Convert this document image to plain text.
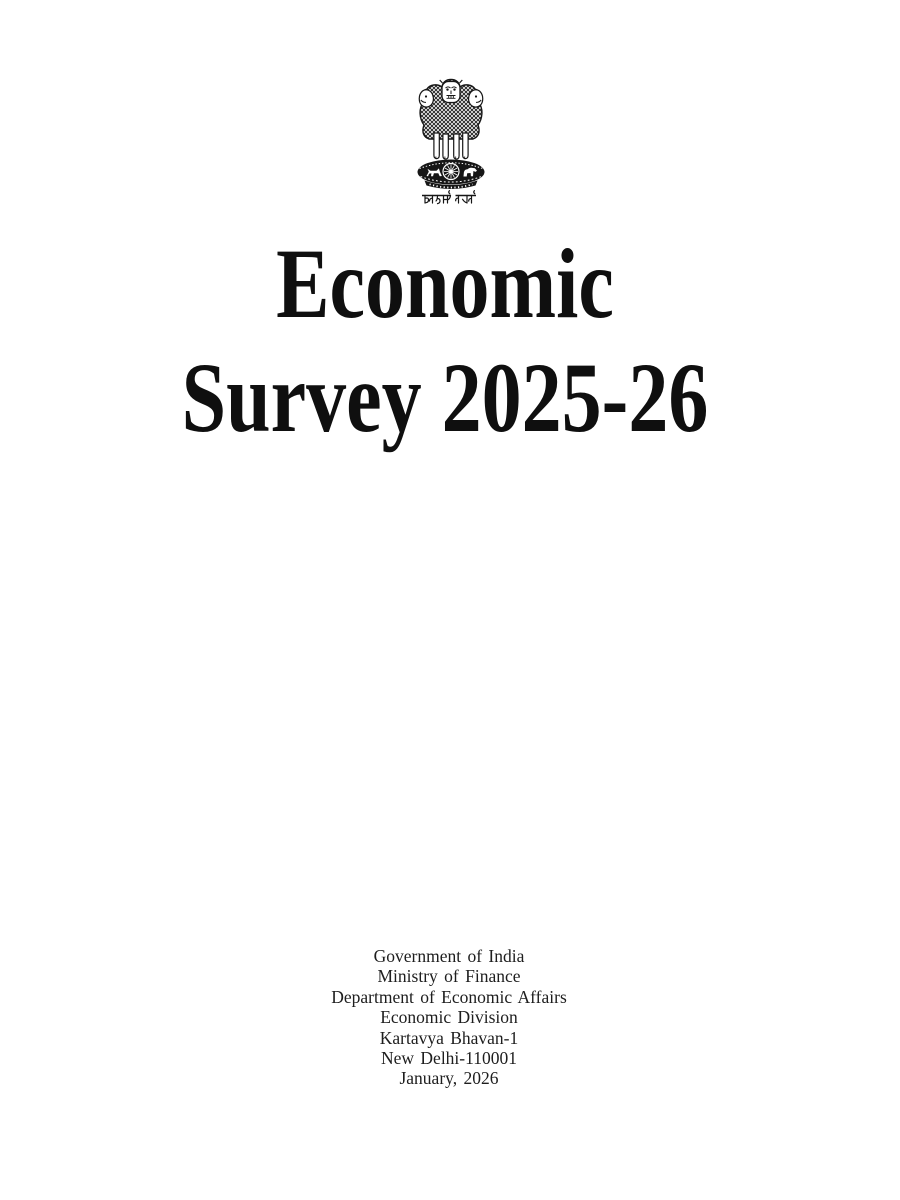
Economic
Survey 2025-26
Government of India
Ministry of Finance
Department of Economic Affairs
Economic Division
Kartavya Bhavan-1
New Delhi-110001
January, 2026
